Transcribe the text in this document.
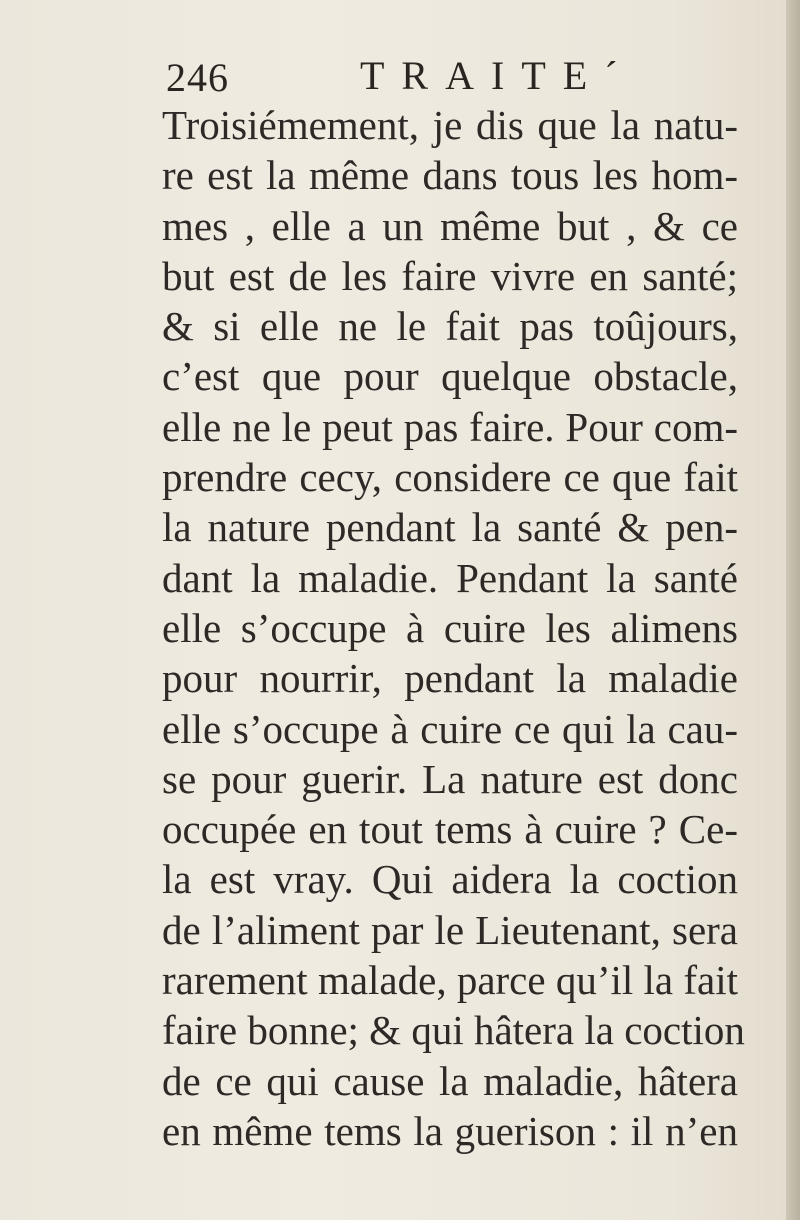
246	TRAITE´
Troisiémement, je dis que la natu-
re est la même dans tous les hom-
mes , elle a un même but , & ce
but est de les faire vivre en santé;
& si elle ne le fait pas toûjours,
c’est que pour quelque obstacle,
elle ne le peut pas faire. Pour com-
prendre cecy, considere ce que fait
la nature pendant la santé & pen-
dant la maladie. Pendant la santé
elle s’occupe à cuire les alimens
pour nourrir, pendant la maladie
elle s’occupe à cuire ce qui la cau-
se pour guerir. La nature est donc
occupée en tout tems à cuire ? Ce-
la est vray. Qui aidera la coction
de l’aliment par le Lieutenant, sera
rarement malade, parce qu’il la fait
faire bonne; & qui hâtera la coction
de ce qui cause la maladie, hâtera
en même tems la guerison : il n’en
